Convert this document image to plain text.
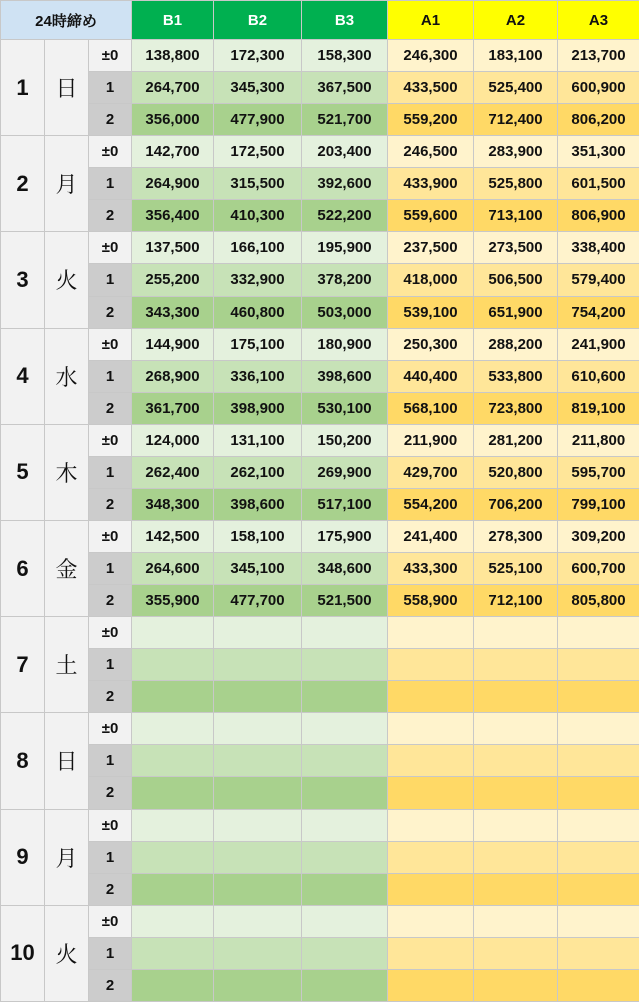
24時締め			B1	B2	B3	A1	A2	A3
1	日	±0	138,800	172,300	158,300	246,300	183,100	213,700
		1	264,700	345,300	367,500	433,500	525,400	600,900
		2	356,000	477,900	521,700	559,200	712,400	806,200
2	月	±0	142,700	172,500	203,400	246,500	283,900	351,300
		1	264,900	315,500	392,600	433,900	525,800	601,500
		2	356,400	410,300	522,200	559,600	713,100	806,900
3	火	±0	137,500	166,100	195,900	237,500	273,500	338,400
		1	255,200	332,900	378,200	418,000	506,500	579,400
		2	343,300	460,800	503,000	539,100	651,900	754,200
4	水	±0	144,900	175,100	180,900	250,300	288,200	241,900
		1	268,900	336,100	398,600	440,400	533,800	610,600
		2	361,700	398,900	530,100	568,100	723,800	819,100
5	木	±0	124,000	131,100	150,200	211,900	281,200	211,800
		1	262,400	262,100	269,900	429,700	520,800	595,700
		2	348,300	398,600	517,100	554,200	706,200	799,100
6	金	±0	142,500	158,100	175,900	241,400	278,300	309,200
		1	264,600	345,100	348,600	433,300	525,100	600,700
		2	355,900	477,700	521,500	558,900	712,100	805,800
7	土	±0						
		1						
		2						
8	日	±0						
		1						
		2						
9	月	±0						
		1						
		2						
10	火	±0						
		1						
		2						
